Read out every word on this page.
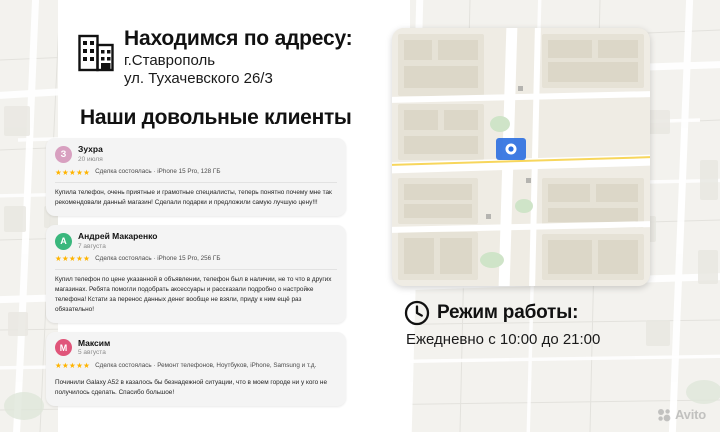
Находимся по адресу:
г.Ставрополь
ул. Тухачевского 26/3
Наши довольные клиенты
З
Зухра
20 июля
★★★★★ Сделка состоялась · iPhone 15 Pro, 128 ГБ
Купила телефон, очень приятные и грамотные специалисты, теперь понятно почему мне так рекомендовали данный магазин! Сделали подарки и предложили самую лучшую цену!!!
А
Андрей Макаренко
7 августа
★★★★★ Сделка состоялась · iPhone 15 Pro, 256 ГБ
Купил телефон по цене указанной в объявлении, телефон был в наличии, не то что в других магазинах. Ребята помогли подобрать аксессуары и рассказали подробно о настройке телефона! Кстати за перенос данных денег вообще не взяли, приду к ним ещё раз обязательно!
М
Максим
5 августа
★★★★★ Сделка состоялась · Ремонт телефонов, Ноутбуков, iPhone, Samsung и т.д.
Починили Galaxy A52 в казалось бы безнадежной ситуации, что в моем городе ни у кого не получилось сделать. Спасибо большое!
Режим работы:
Ежедневно с 10:00 до 21:00
Avito
